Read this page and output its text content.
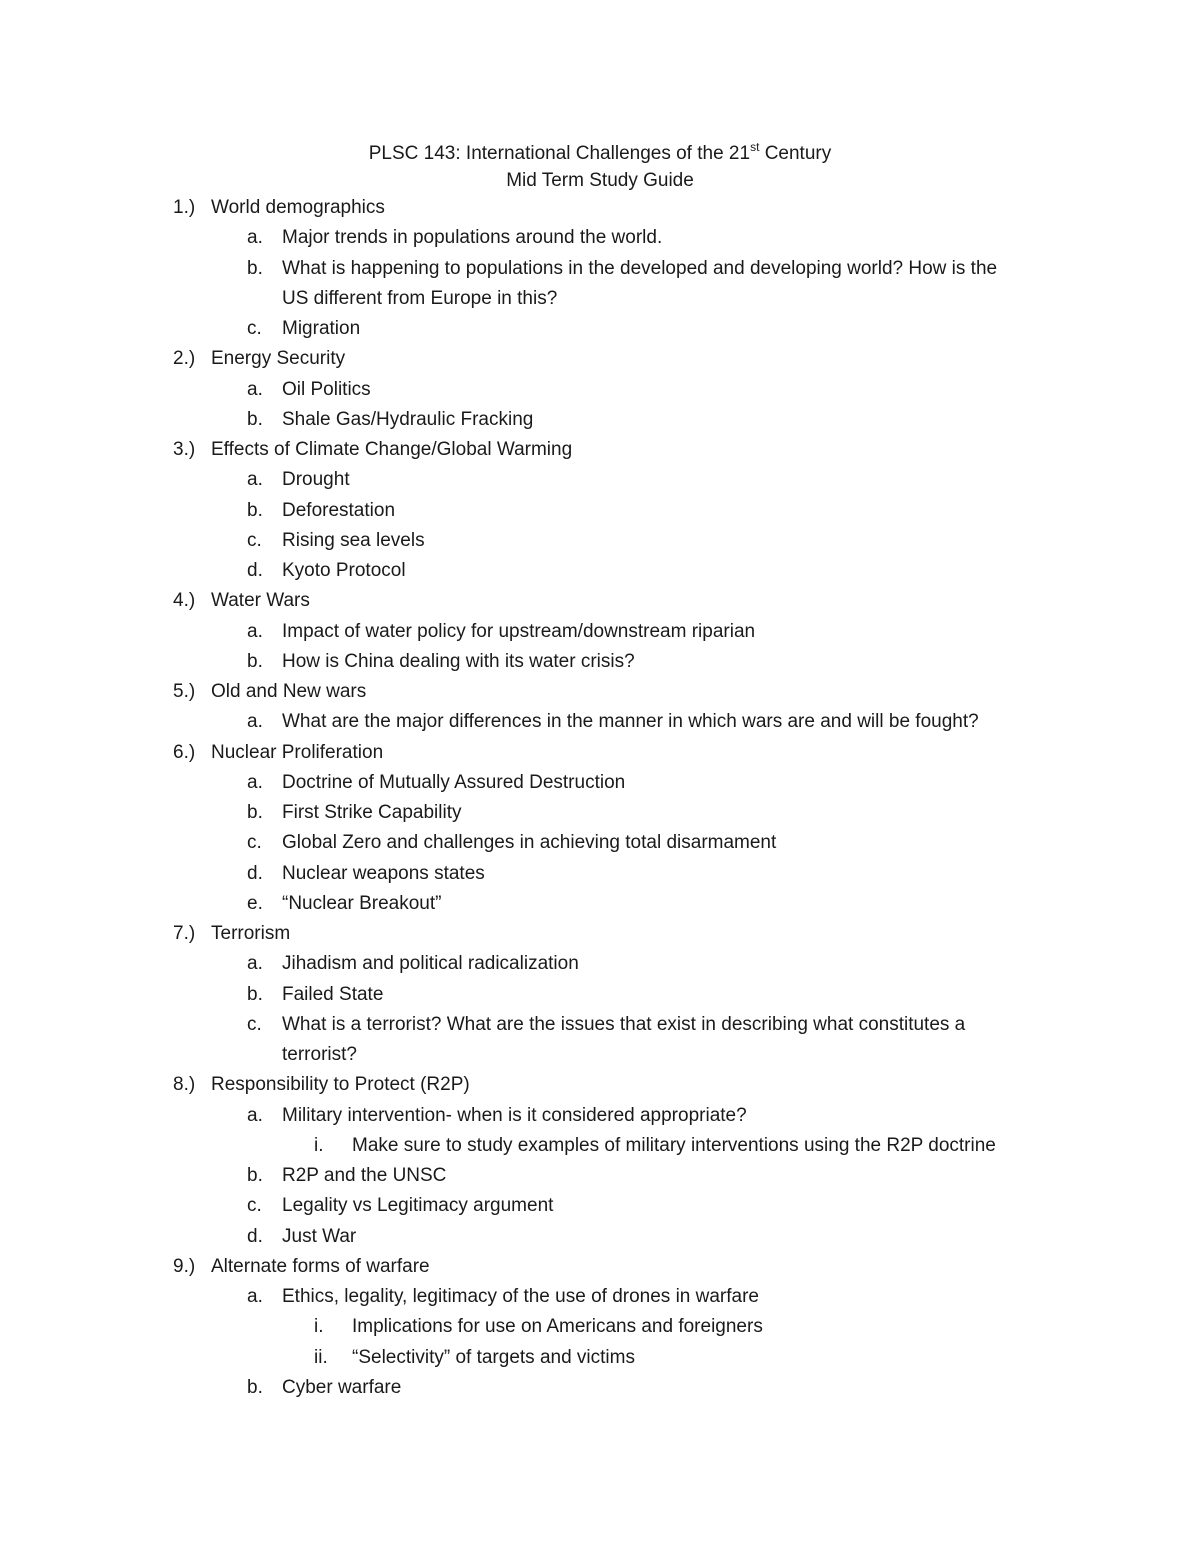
PLSC 143: International Challenges of the 21st Century
Mid Term Study Guide
1.) World demographics
a. Major trends in populations around the world.
b. What is happening to populations in the developed and developing world? How is the
US different from Europe in this?
c. Migration
2.) Energy Security
a. Oil Politics
b. Shale Gas/Hydraulic Fracking
3.) Effects of Climate Change/Global Warming
a. Drought
b. Deforestation
c. Rising sea levels
d. Kyoto Protocol
4.) Water Wars
a. Impact of water policy for upstream/downstream riparian
b. How is China dealing with its water crisis?
5.) Old and New wars
a. What are the major differences in the manner in which wars are and will be fought?
6.) Nuclear Proliferation
a. Doctrine of Mutually Assured Destruction
b. First Strike Capability
c. Global Zero and challenges in achieving total disarmament
d. Nuclear weapons states
e. “Nuclear Breakout”
7.) Terrorism
a. Jihadism and political radicalization
b. Failed State
c. What is a terrorist? What are the issues that exist in describing what constitutes a
terrorist?
8.) Responsibility to Protect (R2P)
a. Military intervention- when is it considered appropriate?
i. Make sure to study examples of military interventions using the R2P doctrine
b. R2P and the UNSC
c. Legality vs Legitimacy argument
d. Just War
9.) Alternate forms of warfare
a. Ethics, legality, legitimacy of the use of drones in warfare
i. Implications for use on Americans and foreigners
ii. “Selectivity” of targets and victims
b. Cyber warfare
